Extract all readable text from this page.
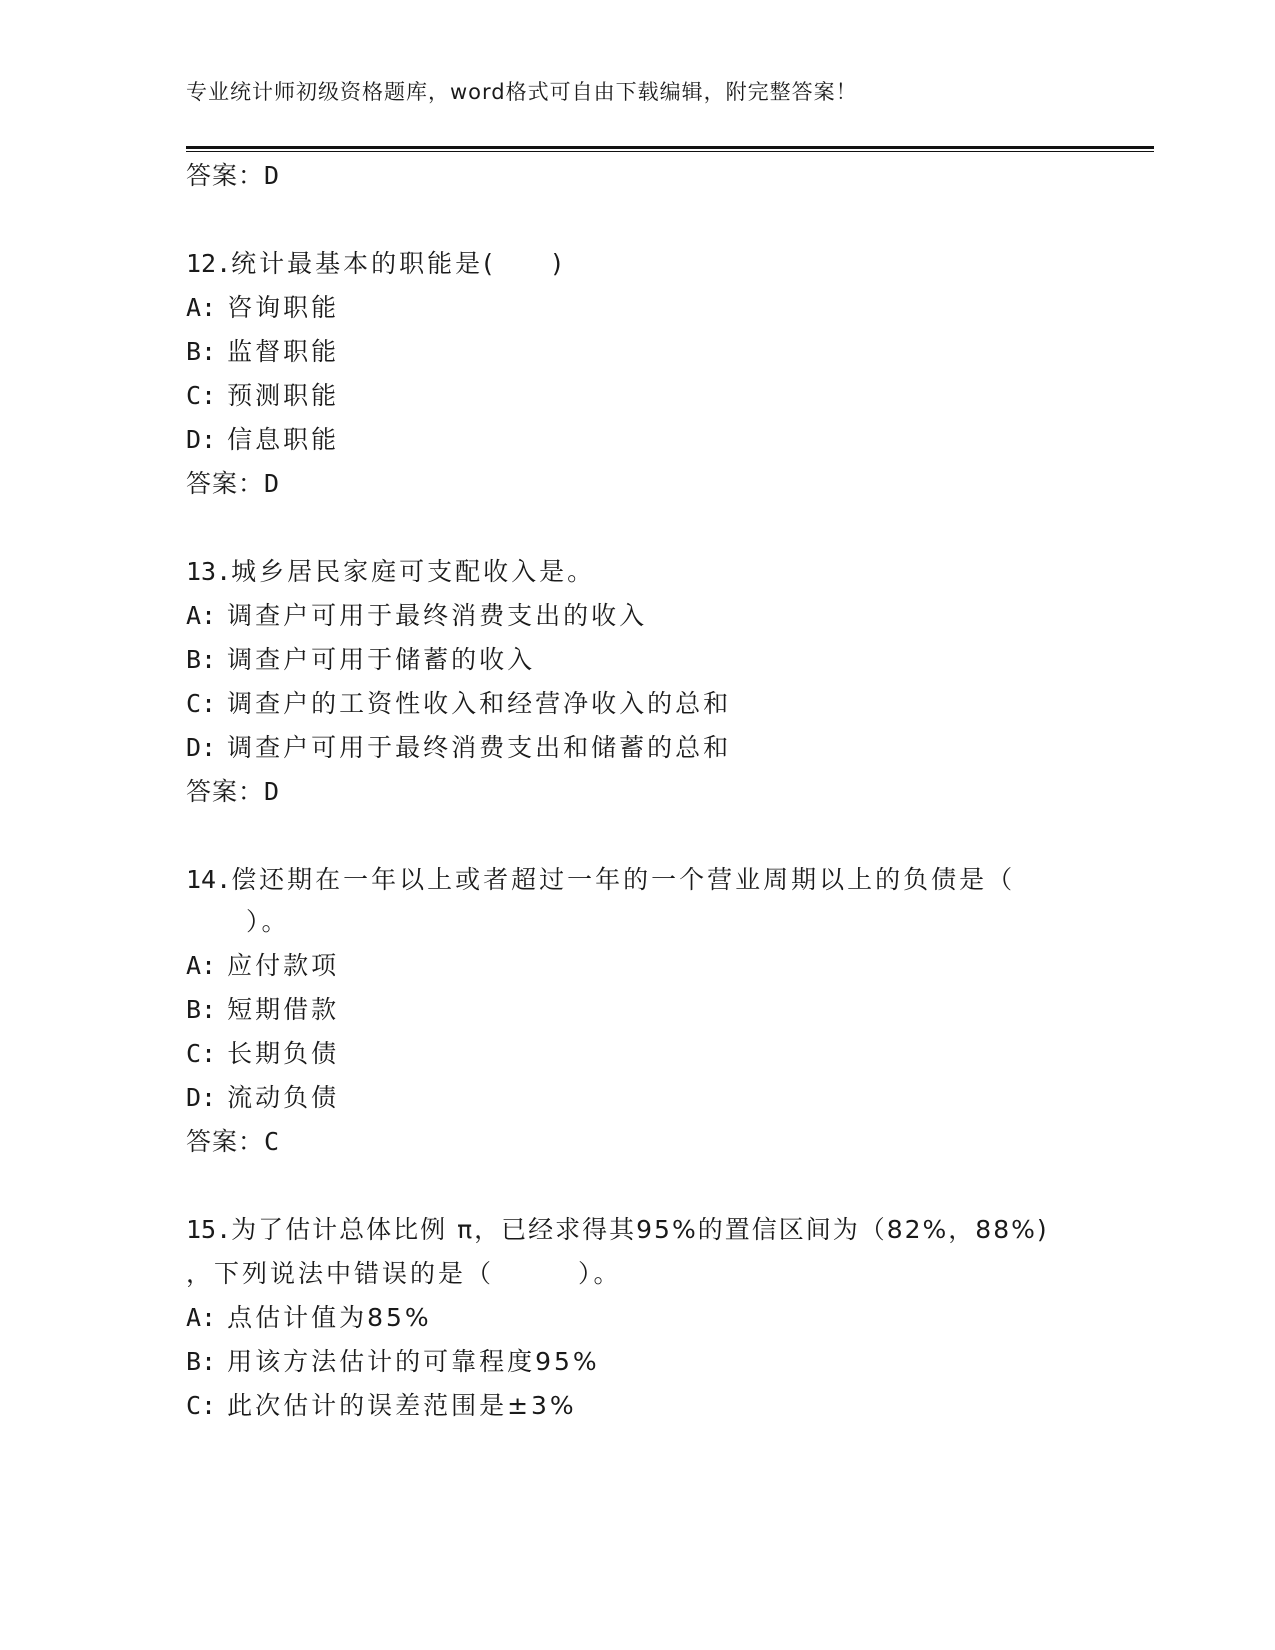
专业统计师初级资格题库，word格式可自由下载编辑，附完整答案！
答案：D
12.统计最基本的职能是(　　)
A: 咨询职能
B: 监督职能
C: 预测职能
D: 信息职能
答案：D
13.城乡居民家庭可支配收入是。
A: 调查户可用于最终消费支出的收入
B: 调查户可用于储蓄的收入
C: 调查户的工资性收入和经营净收入的总和
D: 调查户可用于最终消费支出和储蓄的总和
答案：D
14.偿还期在一年以上或者超过一年的一个营业周期以上的负债是（
　　）。
A: 应付款项
B: 短期借款
C: 长期负债
D: 流动负债
答案：C
15.为了估计总体比例 π，已经求得其95%的置信区间为（82%，88%)
，下列说法中错误的是（　　　）。
A: 点估计值为85%
B: 用该方法估计的可靠程度95%
C: 此次估计的误差范围是±3%
